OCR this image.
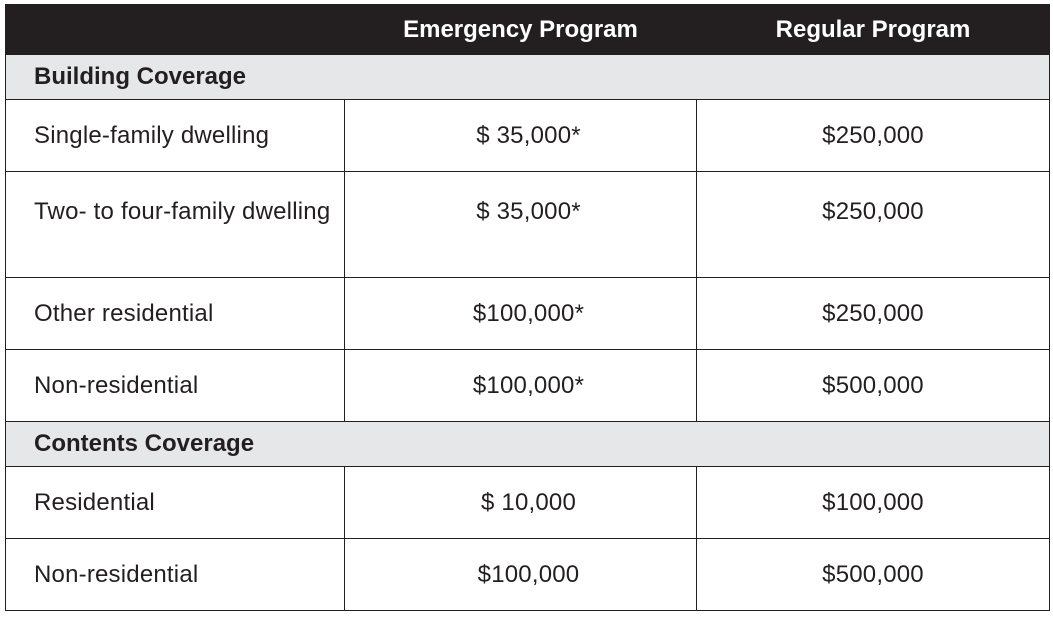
	Emergency Program	Regular Program
Building Coverage		
Single-family dwelling	$ 35,000*	$250,000
Two- to four-family dwelling	$ 35,000*	$250,000
Other residential	$100,000*	$250,000
Non-residential	$100,000*	$500,000
Contents Coverage		
Residential	$ 10,000	$100,000
Non-residential	$100,000	$500,000
